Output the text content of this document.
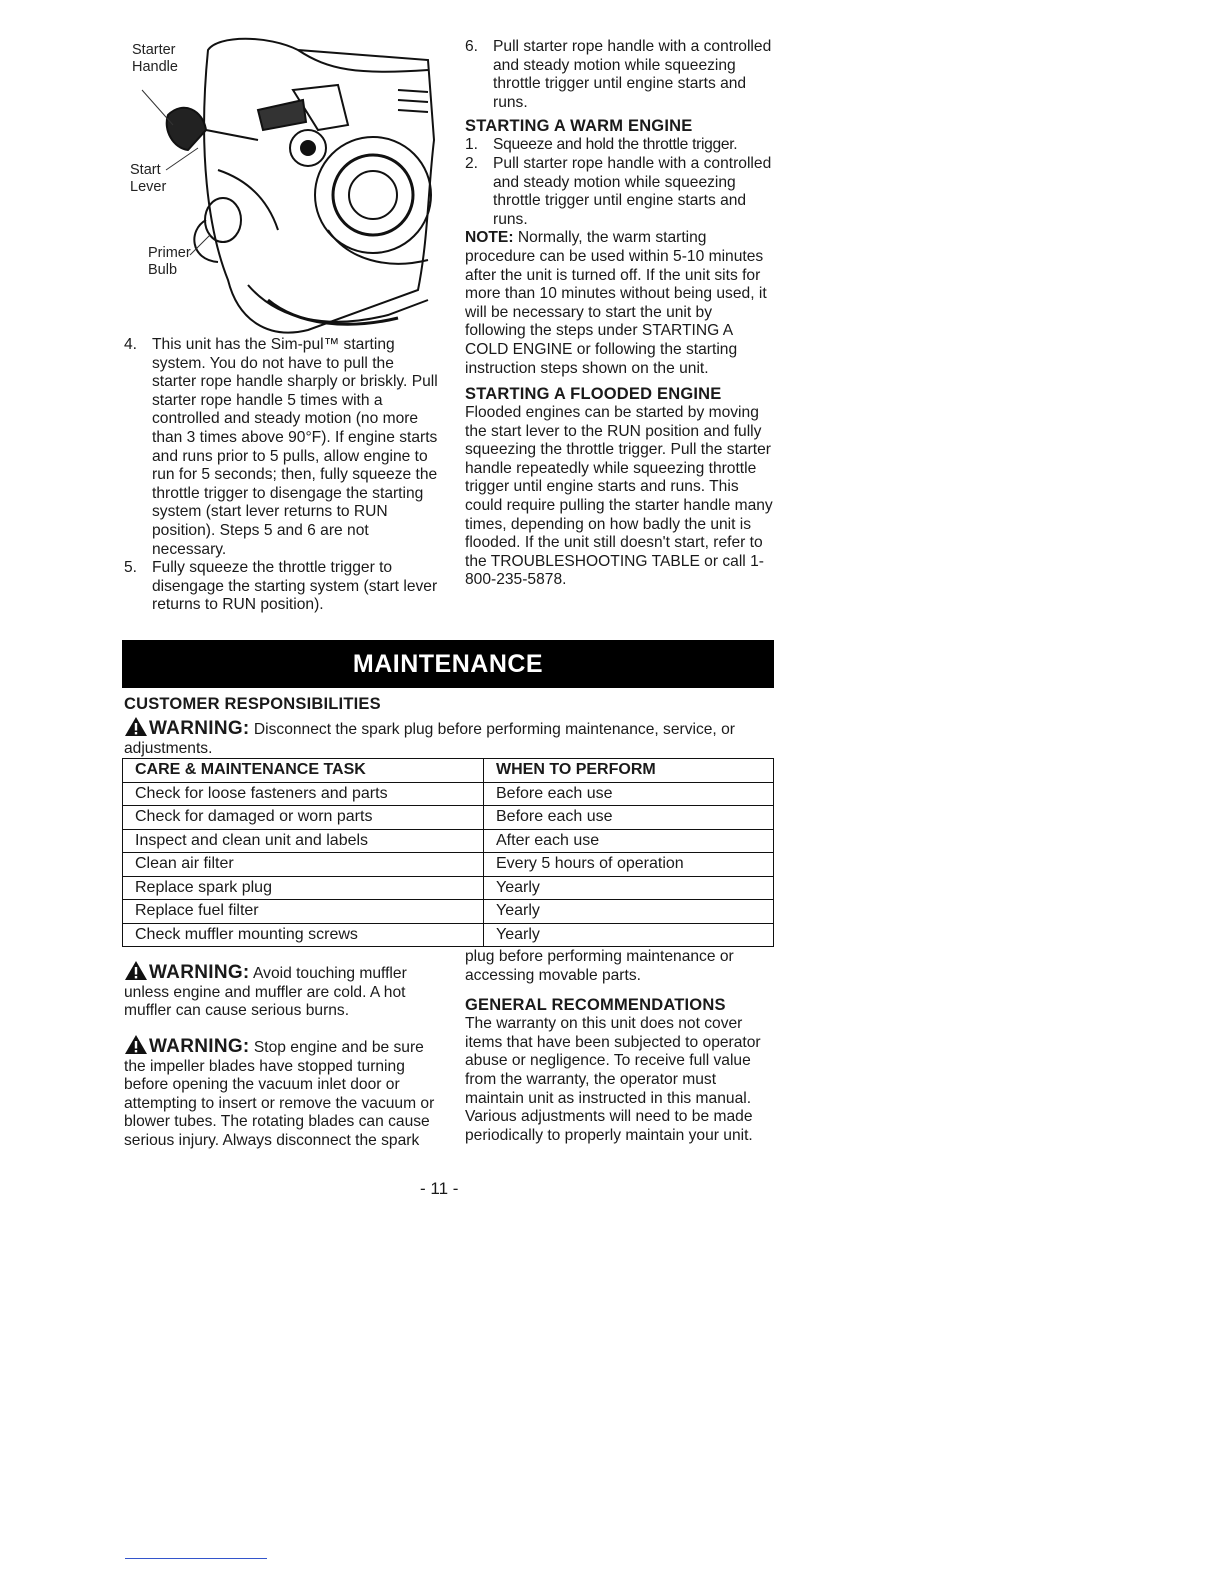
Starter
Handle
Start
Lever
Primer
Bulb
4. This unit has the Sim-pul™ starting system. You do not have to pull the starter rope handle sharply or briskly. Pull starter rope handle 5 times with a controlled and steady motion (no more than 3 times above 90°F). If engine starts and runs prior to 5 pulls, allow engine to run for 5 seconds; then, fully squeeze the throttle trigger to disengage the starting system (start lever returns to RUN position). Steps 5 and 6 are not necessary.
5. Fully squeeze the throttle trigger to disengage the starting system (start lever returns to RUN position).
6. Pull starter rope handle with a controlled and steady motion while squeezing throttle trigger until engine starts and runs.

STARTING A WARM ENGINE

1. Squeeze and hold the throttle trigger.
2. Pull starter rope handle with a controlled and steady motion while squeezing throttle trigger until engine starts and runs.

NOTE: Normally, the warm starting procedure can be used within 5-10 minutes after the unit is turned off. If the unit sits for more than 10 minutes without being used, it will be necessary to start the unit by following the steps under STARTING A COLD ENGINE or following the starting instruction steps shown on the unit.

STARTING A FLOODED ENGINE

Flooded engines can be started by moving the start lever to the RUN position and fully squeezing the throttle trigger. Pull the starter handle repeatedly while squeezing throttle trigger until engine starts and runs. This could require pulling the starter handle many times, depending on how badly the unit is flooded. If the unit still doesn't start, refer to the TROUBLESHOOTING TABLE or call 1-800-235-5878.

MAINTENANCE
CUSTOMER RESPONSIBILITIES
WARNING: Disconnect the spark plug before performing maintenance, service, or adjustments.
CARE & MAINTENANCE TASK	WHEN TO PERFORM
Check for loose fasteners and parts	Before each use
Check for damaged or worn parts	Before each use
Inspect and clean unit and labels	After each use
Clean air filter	Every 5 hours of operation
Replace spark plug	Yearly
Replace fuel filter	Yearly
Check muffler mounting screws	Yearly
WARNING: Avoid touching muffler unless engine and muffler are cold. A hot muffler can cause serious burns.
WARNING: Stop engine and be sure the impeller blades have stopped turning before opening the vacuum inlet door or attempting to insert or remove the vacuum or blower tubes. The rotating blades can cause serious injury. Always disconnect the spark

plug before performing maintenance or accessing movable parts.

GENERAL RECOMMENDATIONS

The warranty on this unit does not cover items that have been subjected to operator abuse or negligence. To receive full value from the warranty, the operator must maintain unit as instructed in this manual. Various adjustments will need to be made periodically to properly maintain your unit.

- 11 -
